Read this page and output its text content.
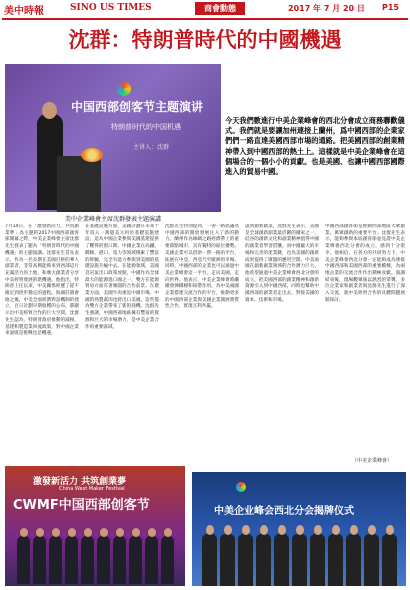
美中時報	SINO US TIMES	商會動態	2017 年 7 月 20 日 P15
沈群：特朗普時代的中國機遇
中国西部创客节主题演讲
特朗普时代的中国机遇
主讲人：沈群
美中企業峰會主席沈群發表主題演講
今天我們數進行中美企業峰會的西北分會成立商務聯歡儀式。我們就是要讓加州連接上蘭州，爲中國西部的企業家們們一路直達美國西部市場的通路。把美國西部的創業精神帶入到中國西部的熱土上。這樣就是中美企業峰會在這個場合的一個小小的貢獻。也是美國、也讓中國西部國際進入的貿易中國。
7月14日，在「激發新活力，共筑創業夢」為主題的2017中國西部創客節開幕之際，中美企業峰會主席沈群先生發表了題為「特朗普時代的中國機遇」的主題演講。沈群先生首先表示，作為一名長期在美國打拼的華人創業者，非常高興能夠來到西部這片充滿活力的土地，和廣大創業者分享中美經貿發展的新機遇。他指出，特朗普上任以來，中美關係經歷了從不確定到逐步穩定的過程。海湖莊園會晤之後，中美全面經濟對話機制的建立，百日計劃早期收穫的公布，都顯示出中美經貿合作的巨大空間。沈群先生認為，特朗普政府推動的減稅、基建和製造業回流政策，對中國企業來說既是挑戰也是機遇。
在基礎設施方面，美國計劃在未來十年投入一萬億美元用於基礎設施建設，這為中國企業參與美國基建提供了難得的窗口期。中國企業在高鐵、橋樑、港口、電力等領域積累了豐富的經驗，完全有能力參與到美國的基礎設施升級中去。在能源領域，美國頁岩氣出口政策放開，中國作為全球最大的能源進口國之一，雙方在能源貿易方面有著廣闊的合作前景。在農業方面，美國牛肉重返中國市場，中國的熟製禽肉也將出口美國，這些都為雙方企業帶來了新的商機。沈群先生強調，中國西部地區擁有豐富的資源和巨大的市場潛力，是中美企業合作的重要區域。
沈群先生特別提到，一帶一路倡議為中國西部的開放發展注入了新的動力。蘭州作為絲綢之路經濟帶上的重要節點城市，具有獨特的區位優勢。美國企業可以借助一帶一路的平台，拓展在中亞、西亞乃至歐洲的市場。同時，中國西部的企業也可以通過中美企業峰會這一平台，走向美國，走向世界。他表示，中美企業峰會將繼續發揮橋樑和紐帶作用，為中美兩國企業搭建交流合作的平台，推動更多的中國西部企業與美國企業開展實質性合作，實現互利共贏。
談到創新創業，沈群先生表示，美國是全球創新創業最活躍的國家之一，硅谷的創新文化和創業精神值得中國的創業者學習借鑒。而中國龐大的市場和完善的產業鏈，也為美國的創新成果提供了廣闊的應用空間。中美兩國在創新創業領域的合作潛力巨大。他希望通過中美企業峰會西北分會的成立，把美國西部的創業精神和創新資源引入到中國西部，同時也幫助中國西部的創業者走出去，對接美國的資本、技術和市場。
中國西部創客節是推動西部地區大眾創業、萬眾創新的重要平台。沈群先生表示，能夠參與本屆創客節並見證中美企業峰會西北分會的成立，感到十分榮幸。他相信，在各方的共同努力下，中美企業峰會西北分會一定能夠成為連接中國西部和美國西部的重要橋樑，為兩地企業的交流合作作出積極貢獻。演講結束後，現場觀眾報以熱烈的掌聲，多位企業家和創業者與沈群先生進行了深入交流，就中美經貿合作的具體問題展開探討。
（中美企業峰會）
激發新活力 共筑創業夢
China West Maker Festival
CWMF中国西部创客节	中美企业峰会西北分会揭牌仪式
